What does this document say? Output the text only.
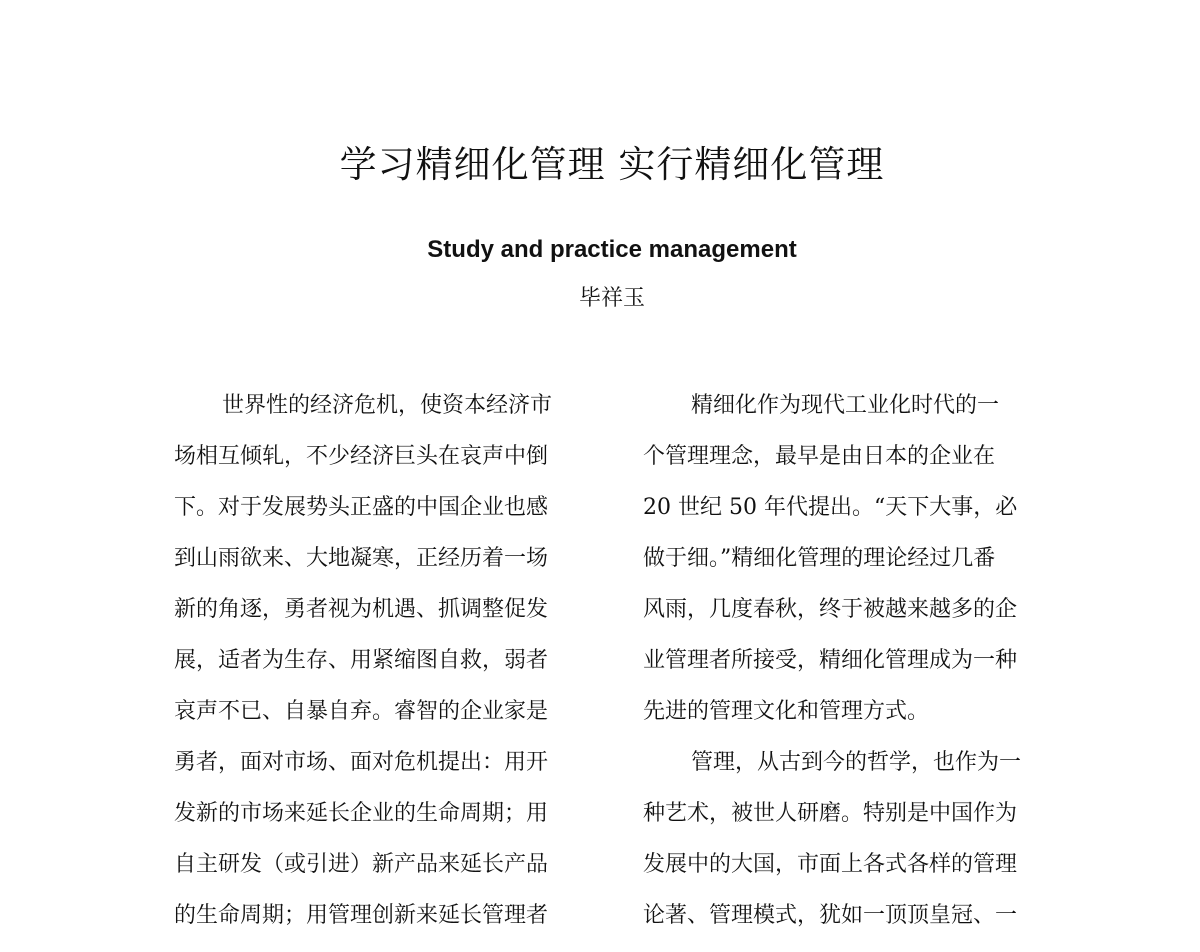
学习精细化管理 实行精细化管理
Study and practice management
毕祥玉

世界性的经济危机，使资本经济市
场相互倾轧，不少经济巨头在哀声中倒
下。对于发展势头正盛的中国企业也感
到山雨欲来、大地凝寒，正经历着一场
新的角逐，勇者视为机遇、抓调整促发
展，适者为生存、用紧缩图自救，弱者
哀声不已、自暴自弃。睿智的企业家是
勇者，面对市场、面对危机提出：用开
发新的市场来延长企业的生命周期；用
自主研发（或引进）新产品来延长产品
的生命周期；用管理创新来延长管理者

精细化作为现代工业化时代的一
个管理理念，最早是由日本的企业在
20 世纪 50 年代提出。“天下大事，必
做于细。”精细化管理的理论经过几番
风雨，几度春秋，终于被越来越多的企
业管理者所接受，精细化管理成为一种
先进的管理文化和管理方式。

管理，从古到今的哲学，也作为一
种艺术，被世人研磨。特别是中国作为
发展中的大国，市面上各式各样的管理
论著、管理模式，犹如一顶顶皇冠、一
